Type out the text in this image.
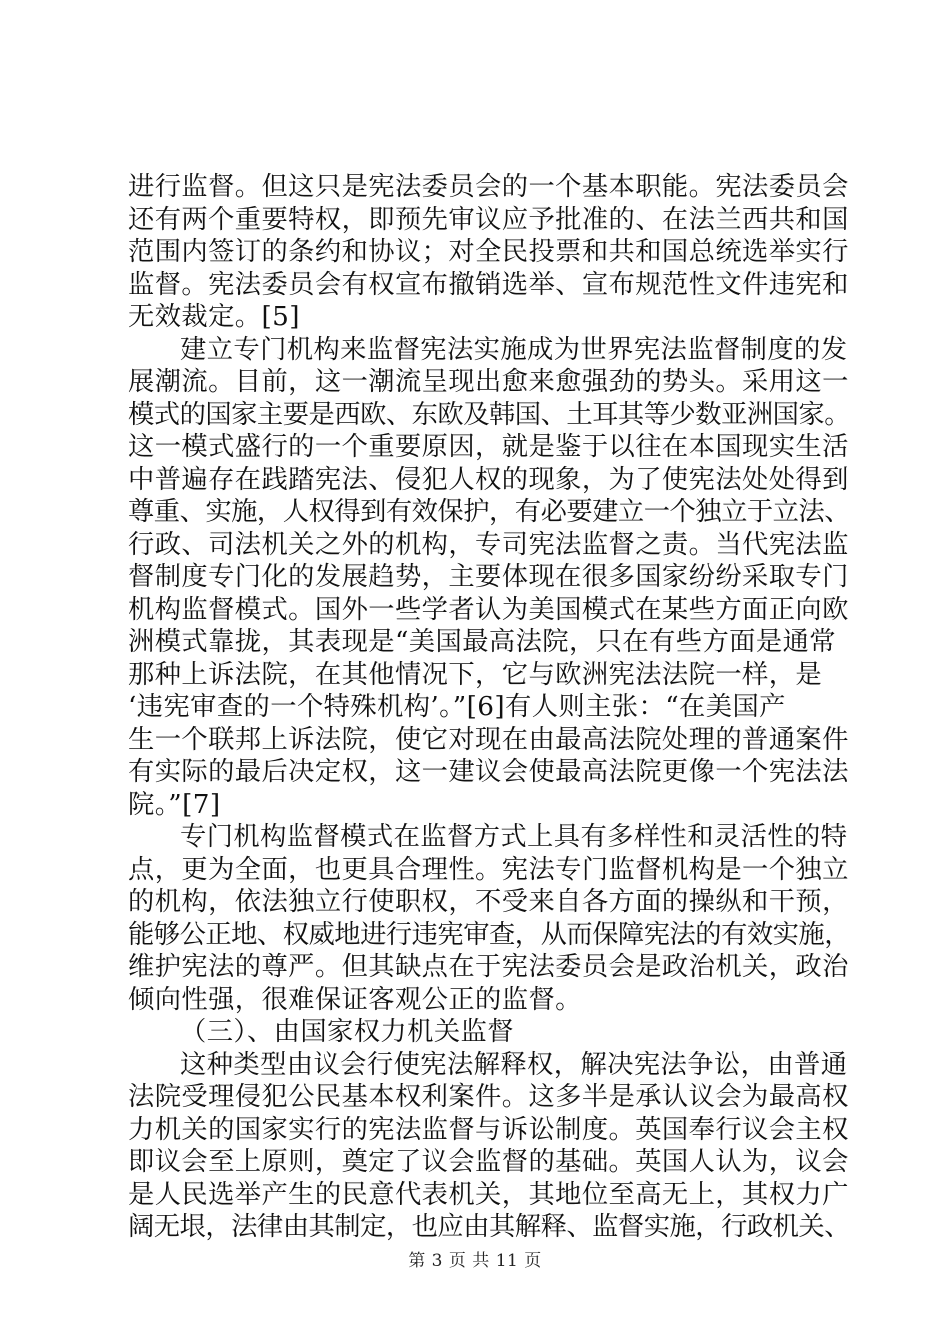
进行监督。但这只是宪法委员会的一个基本职能。宪法委员会
还有两个重要特权，即预先审议应予批准的、在法兰西共和国
范围内签订的条约和协议；对全民投票和共和国总统选举实行
监督。宪法委员会有权宣布撤销选举、宣布规范性文件违宪和
无效裁定。[5]
建立专门机构来监督宪法实施成为世界宪法监督制度的发
展潮流。目前，这一潮流呈现出愈来愈强劲的势头。采用这一
模式的国家主要是西欧、东欧及韩国、土耳其等少数亚洲国家。
这一模式盛行的一个重要原因，就是鉴于以往在本国现实生活
中普遍存在践踏宪法、侵犯人权的现象，为了使宪法处处得到
尊重、实施，人权得到有效保护，有必要建立一个独立于立法、
行政、司法机关之外的机构，专司宪法监督之责。当代宪法监
督制度专门化的发展趋势，主要体现在很多国家纷纷采取专门
机构监督模式。国外一些学者认为美国模式在某些方面正向欧
洲模式靠拢，其表现是“美国最高法院，只在有些方面是通常
那种上诉法院，在其他情况下，它与欧洲宪法法院一样，是
‘违宪审查的一个特殊机构’。”[6]有人则主张：“在美国产
生一个联邦上诉法院，使它对现在由最高法院处理的普通案件
有实际的最后决定权，这一建议会使最高法院更像一个宪法法
院。”[7]
专门机构监督模式在监督方式上具有多样性和灵活性的特
点，更为全面，也更具合理性。宪法专门监督机构是一个独立
的机构，依法独立行使职权，不受来自各方面的操纵和干预，
能够公正地、权威地进行违宪审查，从而保障宪法的有效实施，
维护宪法的尊严。但其缺点在于宪法委员会是政治机关，政治
倾向性强，很难保证客观公正的监督。
（三）、由国家权力机关监督
这种类型由议会行使宪法解释权，解决宪法争讼，由普通
法院受理侵犯公民基本权利案件。这多半是承认议会为最高权
力机关的国家实行的宪法监督与诉讼制度。英国奉行议会主权
即议会至上原则，奠定了议会监督的基础。英国人认为，议会
是人民选举产生的民意代表机关，其地位至高无上，其权力广
阔无垠，法律由其制定，也应由其解释、监督实施，行政机关、
第 3 页 共 11 页
